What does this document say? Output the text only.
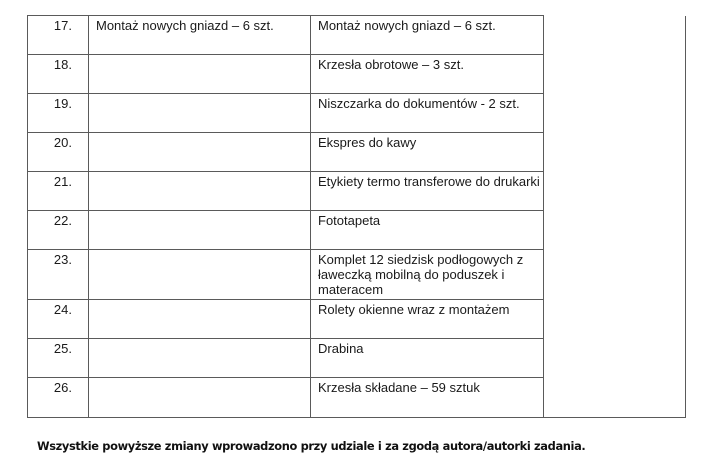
17.	Montaż nowych gniazd – 6 szt.	Montaż nowych gniazd – 6 szt.	

18.		Krzesła obrotowe – 3 szt.	

19.		Niszczarka do dokumentów - 2 szt.	

20.		Ekspres do kawy	

21.		Etykiety termo transferowe do drukarki	

22.		Fototapeta	

23.		Komplet 12 siedzisk podłogowych z ławeczką mobilną do poduszek i materacem	

24.		Rolety okienne wraz z montażem	

25.		Drabina	

26.		Krzesła składane – 59 sztuk	
Wszystkie powyższe zmiany wprowadzono przy udziale i za zgodą autora/autorki zadania.
